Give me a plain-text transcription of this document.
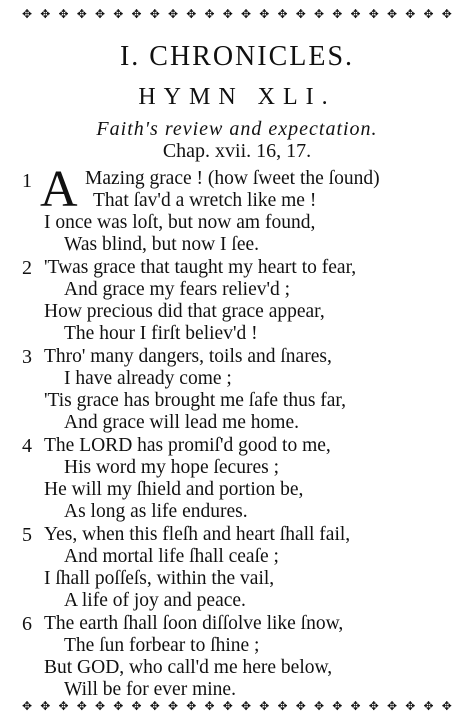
✥ ✥ ✥ ✥ ✥ ✥ ✥ ✥ ✥ ✥ ✥ ✥ ✥ ✥ ✥ ✥ ✥ ✥ ✥ ✥ ✥ ✥ ✥ ✥
I. CHRONICLES.
HYMN XLI.
Faith's review and expectation.
Chap. xvii. 16, 17.
A
1	Mazing grace ! (how ſweet the ſound)
That ſav'd a wretch like me !
I once was loſt, but now am found,
Was blind, but now I ſee.
2 'Twas grace that taught my heart to fear,
And grace my fears reliev'd ;
How precious did that grace appear,
The hour I firſt believ'd !
3 Thro' many dangers, toils and ſnares,
I have already come ;
'Tis grace has brought me ſafe thus far,
And grace will lead me home.
4 The LORD has promiſ'd good to me,
His word my hope ſecures ;
He will my ſhield and portion be,
As long as life endures.
5 Yes, when this fleſh and heart ſhall fail,
And mortal life ſhall ceaſe ;
I ſhall poſſeſs, within the vail,
A life of joy and peace.
6 The earth ſhall ſoon diſſolve like ſnow,
The ſun forbear to ſhine ;
But GOD, who call'd me here below,
Will be for ever mine.
✥ ✥ ✥ ✥ ✥ ✥ ✥ ✥ ✥ ✥ ✥ ✥ ✥ ✥ ✥ ✥ ✥ ✥ ✥ ✥ ✥ ✥ ✥ ✥
